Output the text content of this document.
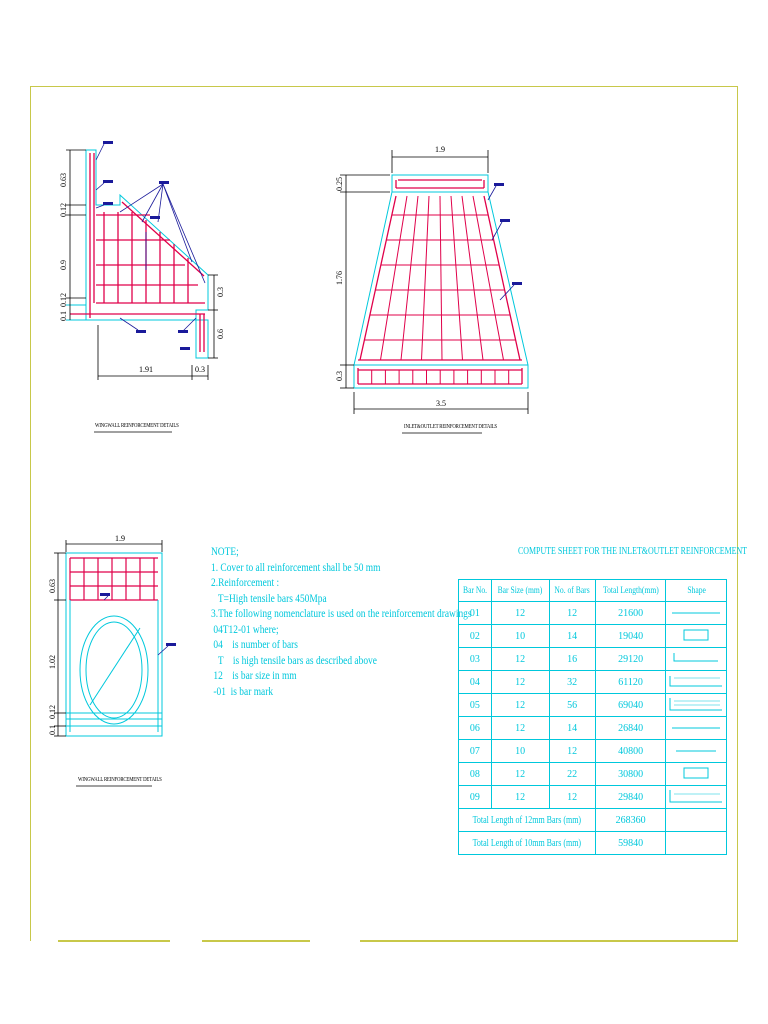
0.63
0.12
0.9
0.12
0.1
0.3
0.6
1.91	0.3
1.9
0.25
1.76
0.3
3.5
1.9
0.63
1.02
0.12
0.1
WINGWALL REINFORCEMENT DETAILS	INLET&OUTLET REINFORCEMENT DETAILS
WINGWALL REINFORCEMENT DETAILS
NOTE;
1. Cover to all reinforcement shall be 50 mm
2.Reinforcement :
T=High tensile bars 450Mpa
3.The following nomenclature is used on the reinforcement drawings
04T12-01 where;
04    is number of bars
T    is high tensile bars as described above
12    is bar size in mm
-01  is bar mark
COMPUTE SHEET FOR THE INLET&OUTLET REINFORCEMENT
Bar No.	Bar Size (mm)	No. of Bars	Total Length(mm)	Shape
01	12	12	21600	
02	10	14	19040	
03	12	16	29120	
04	12	32	61120	
05	12	56	69040	
06	12	14	26840	
07	10	12	40800	
08	12	22	30800	
09	12	12	29840	
Total Length of 12mm Bars (mm)			268360	
Total Length of 10mm Bars (mm)			59840	
